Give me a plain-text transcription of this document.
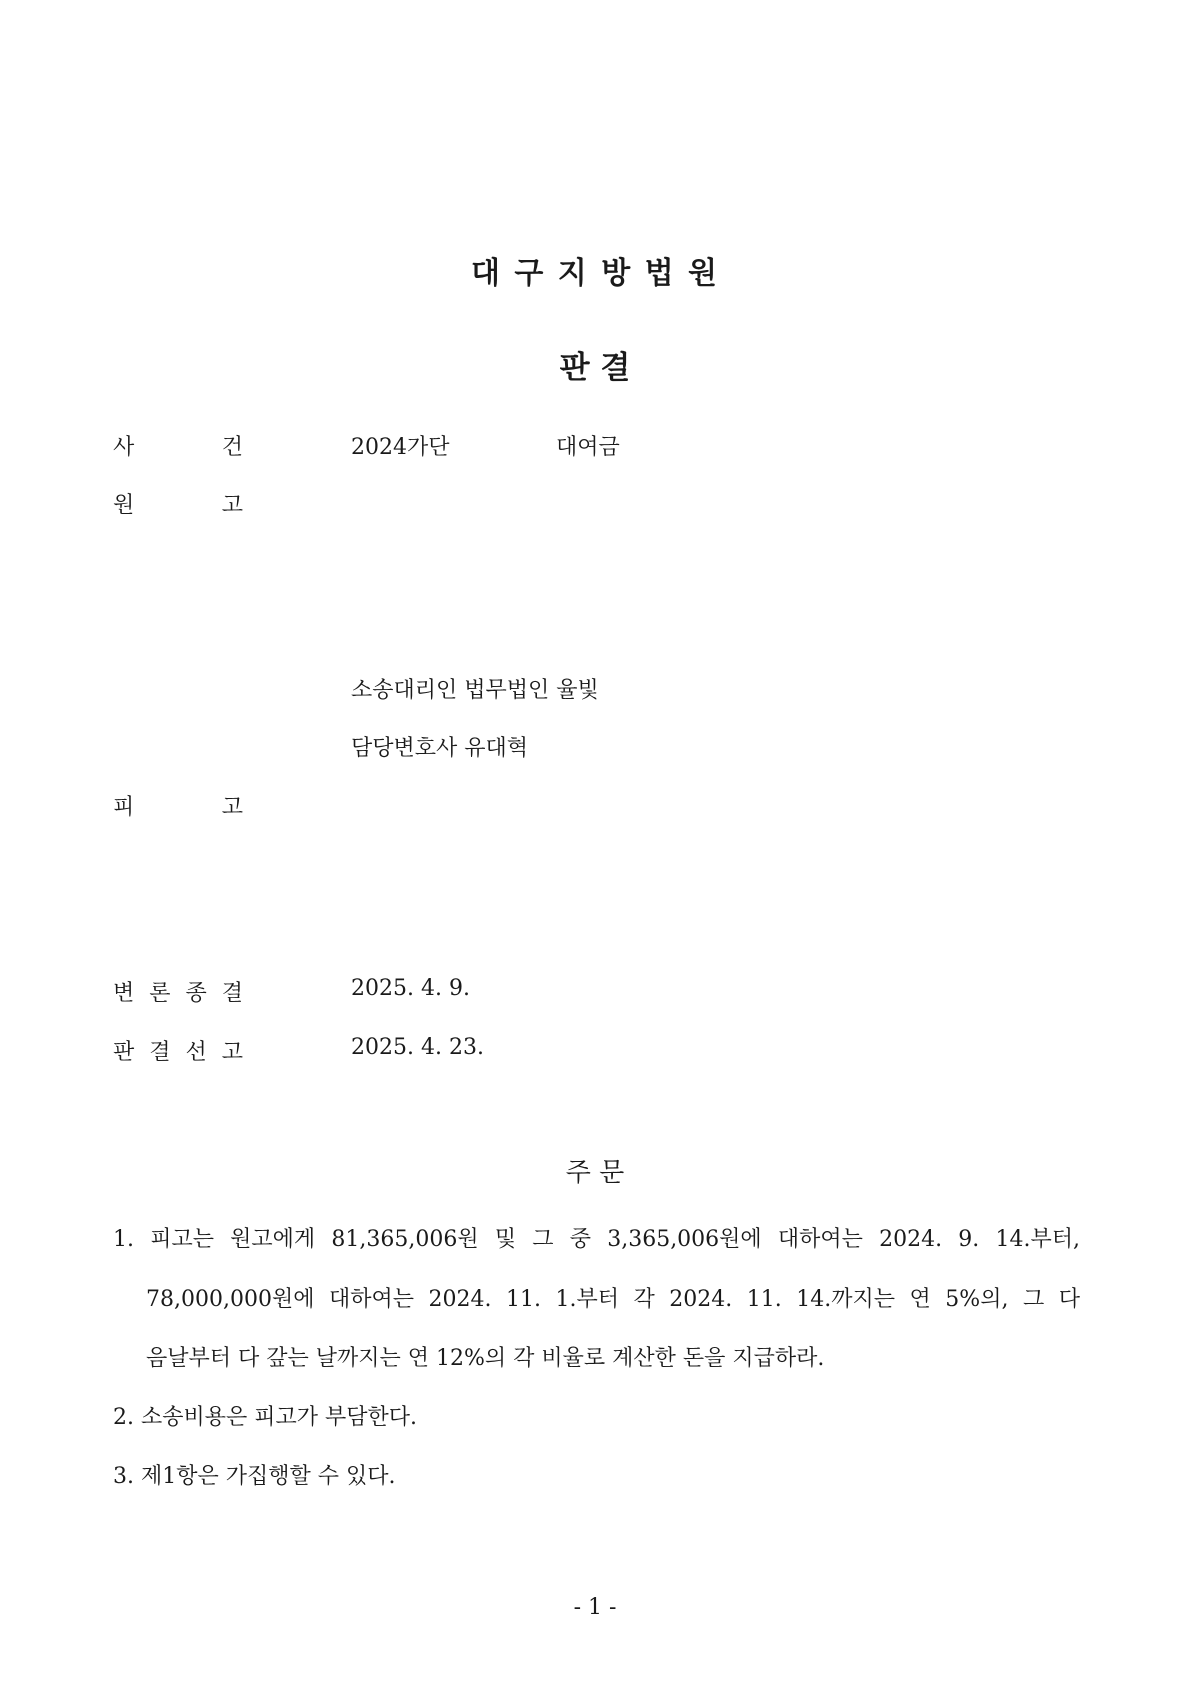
대 구 지 방 법 원
판 결
사	건	2024가단	대여금
원	고
소송대리인 법무법인 율빛
담당변호사 유대혁
피	고
변 론 종 결	2025. 4. 9.
판 결 선 고	2025. 4. 23.
주 문
1. 피고는 원고에게 81,365,006원 및 그 중 3,365,006원에 대하여는 2024. 9. 14.부터,
78,000,000원에 대하여는 2024. 11. 1.부터 각 2024. 11. 14.까지는 연 5%의, 그 다
음날부터 다 갚는 날까지는 연 12%의 각 비율로 계산한 돈을 지급하라.
2. 소송비용은 피고가 부담한다.
3. 제1항은 가집행할 수 있다.
- 1 -
